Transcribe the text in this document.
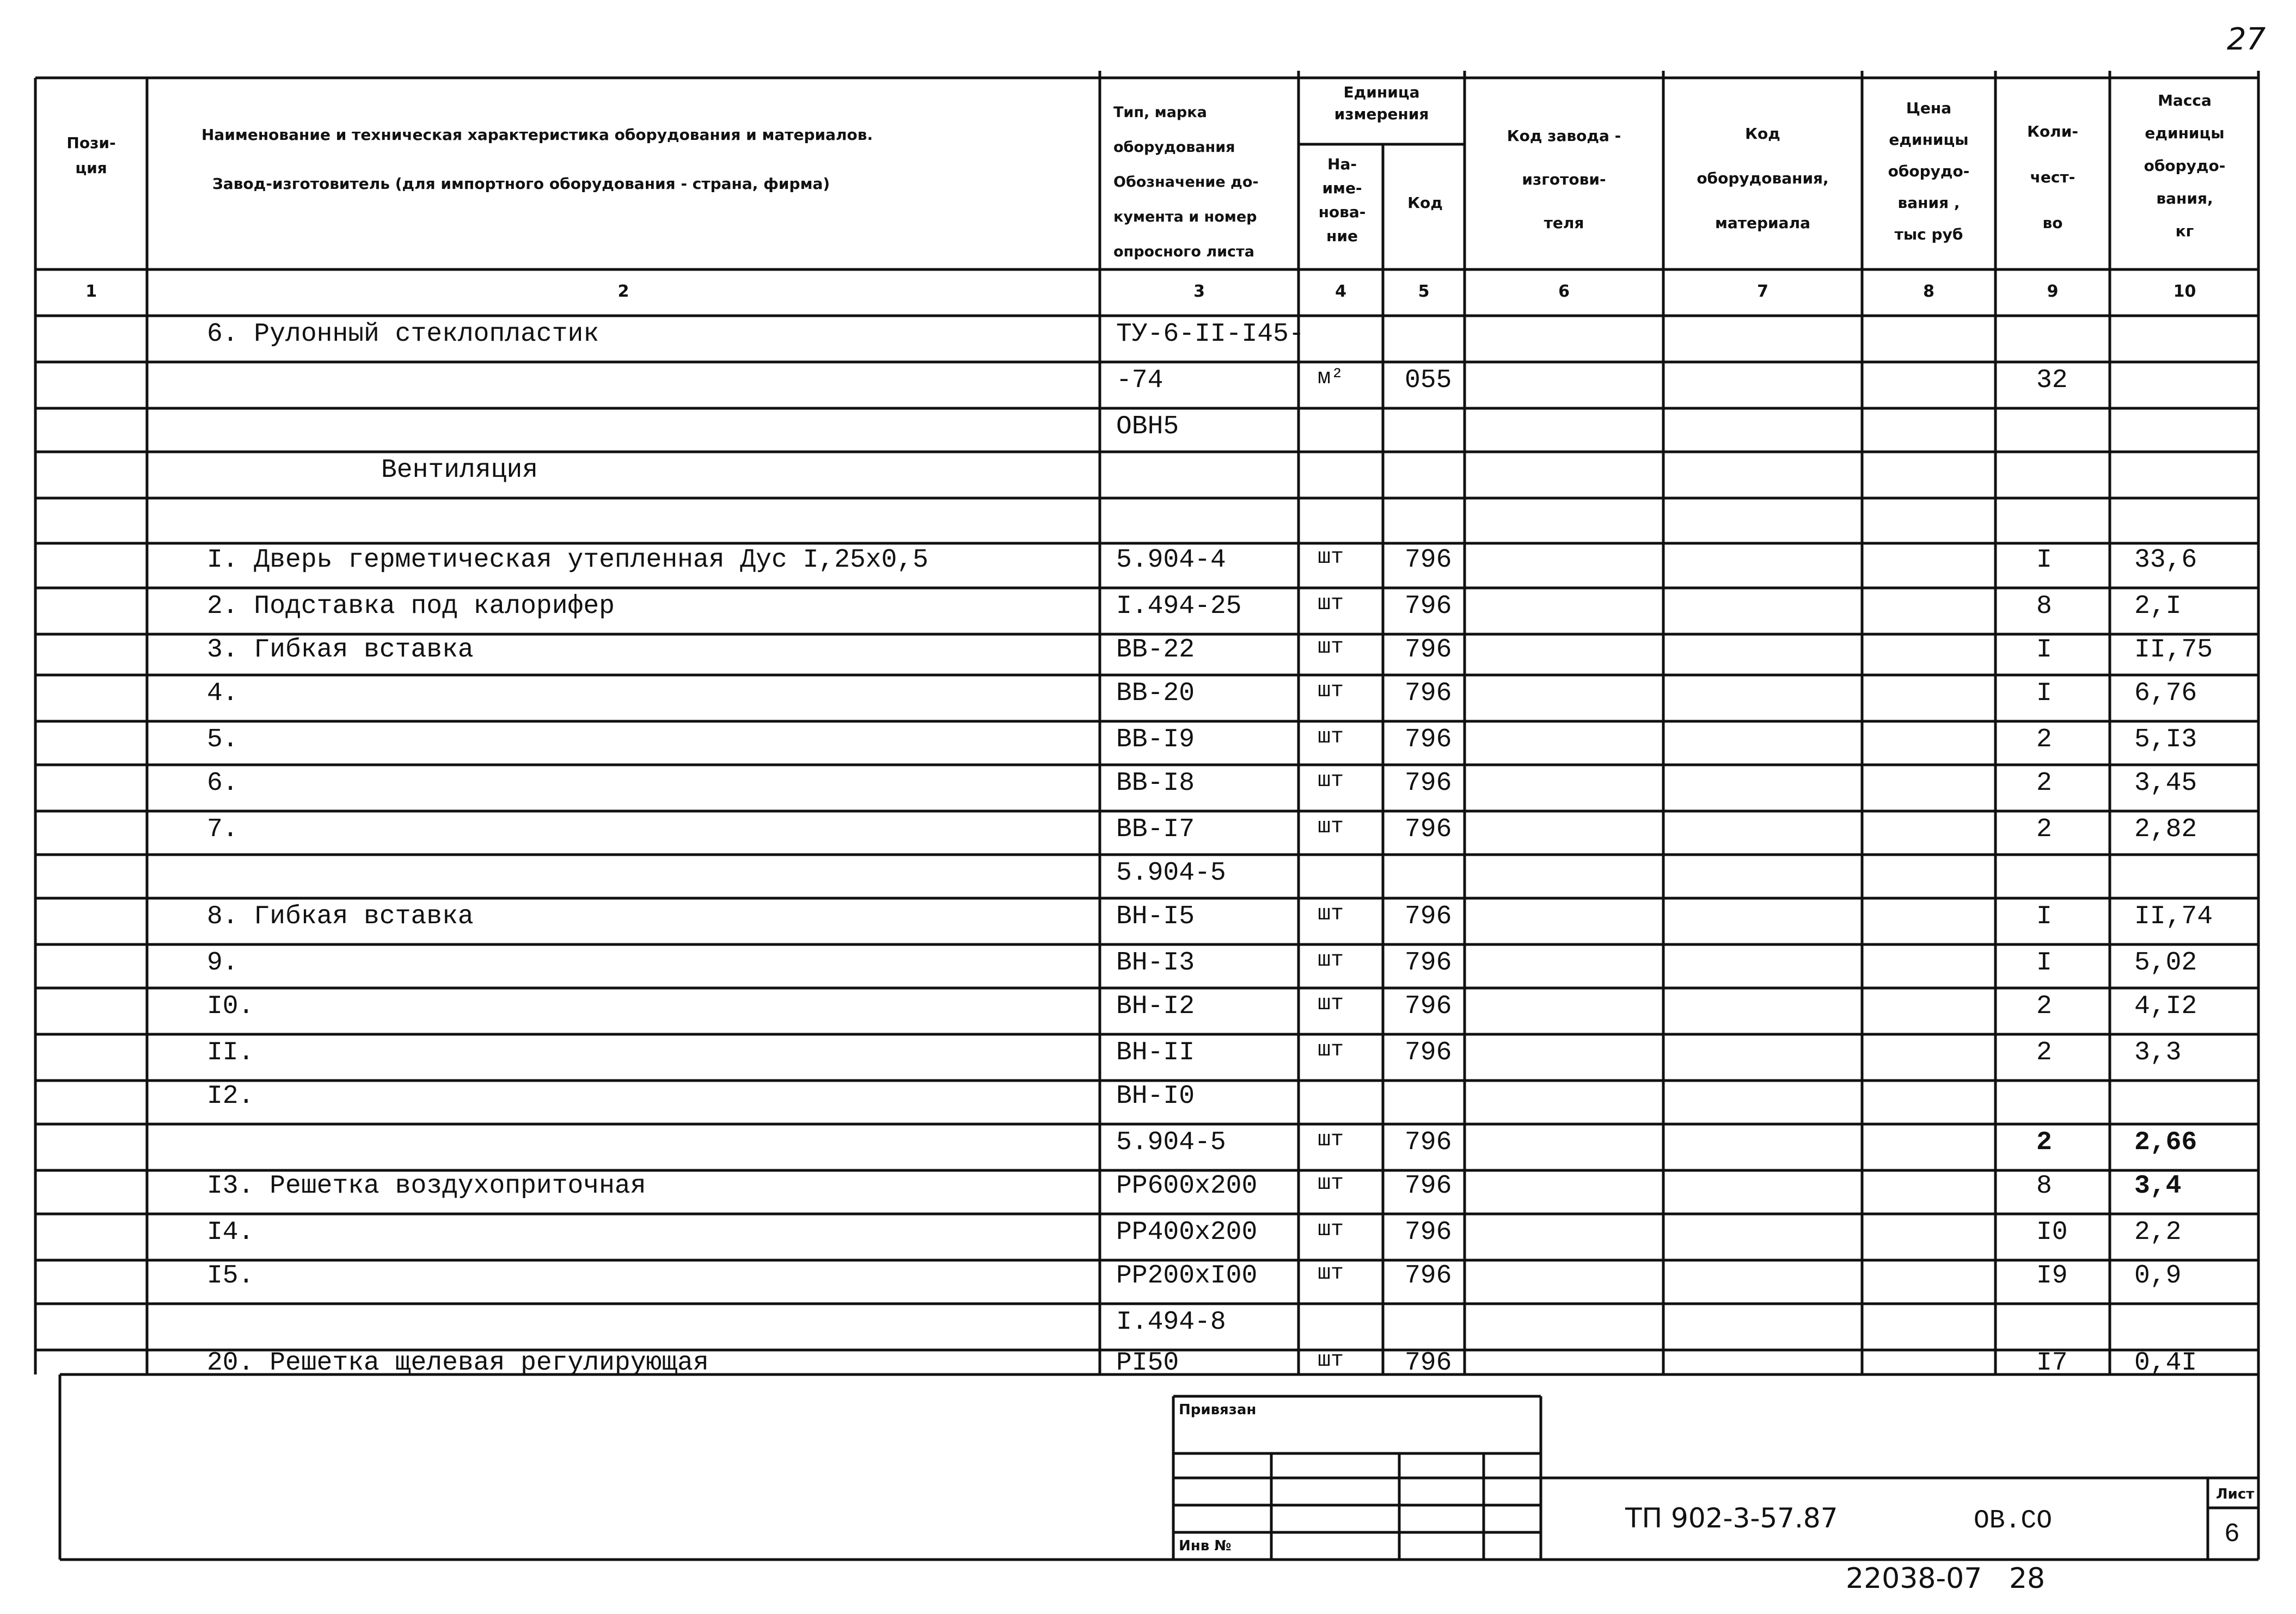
27
Пози-
ция
Наименование и техническая характеристика оборудования и материалов.
Завод-изготовитель (для импортного оборудования - страна, фирма)
Тип, марка
оборудования
Обозначение до-
кумента и номер
опросного листа
Единица
измерения
На-
име-
нова-
ние
Код
Код завода -
изготови-
теля
Код
оборудования,
материала
Цена
единицы
оборудо-
вания ,
тыс руб
Коли-
чест-
во
Масса
единицы
оборудо-
вания,
кг
1	2	3	4	5	6	7	8	9	10
6. Рулонный стеклопластик	ТУ-6-II-I45-
-74	м² 055	32
ОВН5
Вентиляция
I. Дверь герметическая утепленная Дус I,25х0,5	5.904-4	шт 796	I	33,6
2. Подставка под калорифер	I.494-25	шт 796	8	2,I
3. Гибкая вставка	ВВ-22	шт 796	I	II,75
4.	ВВ-20	шт 796	I	6,76
5.	ВВ-I9	шт 796	2	5,I3
6.	ВВ-I8	шт 796	2	3,45
7.	ВВ-I7	шт 796	2	2,82
5.904-5
8. Гибкая вставка	ВН-I5	шт 796	I	II,74
9.	ВН-I3	шт 796	I	5,02
I0.	ВН-I2	шт 796	2	4,I2
II.	ВН-II	шт 796	2	3,3
I2.	ВН-I0
5.904-5	шт 796	2	2,66
I3. Решетка воздухоприточная	РР600х200	шт 796	8	3,4
I4.	РР400х200	шт 796	I0	2,2
I5.	РР200хI00	шт 796	I9	0,9
I.494-8
20. Решетка щелевая регулирующая	РI50	шт 796	I7	0,4I
Привязан
Инв №
ТП 902-3-57.87	ОВ.СО
Лист
6
22038-07   28
